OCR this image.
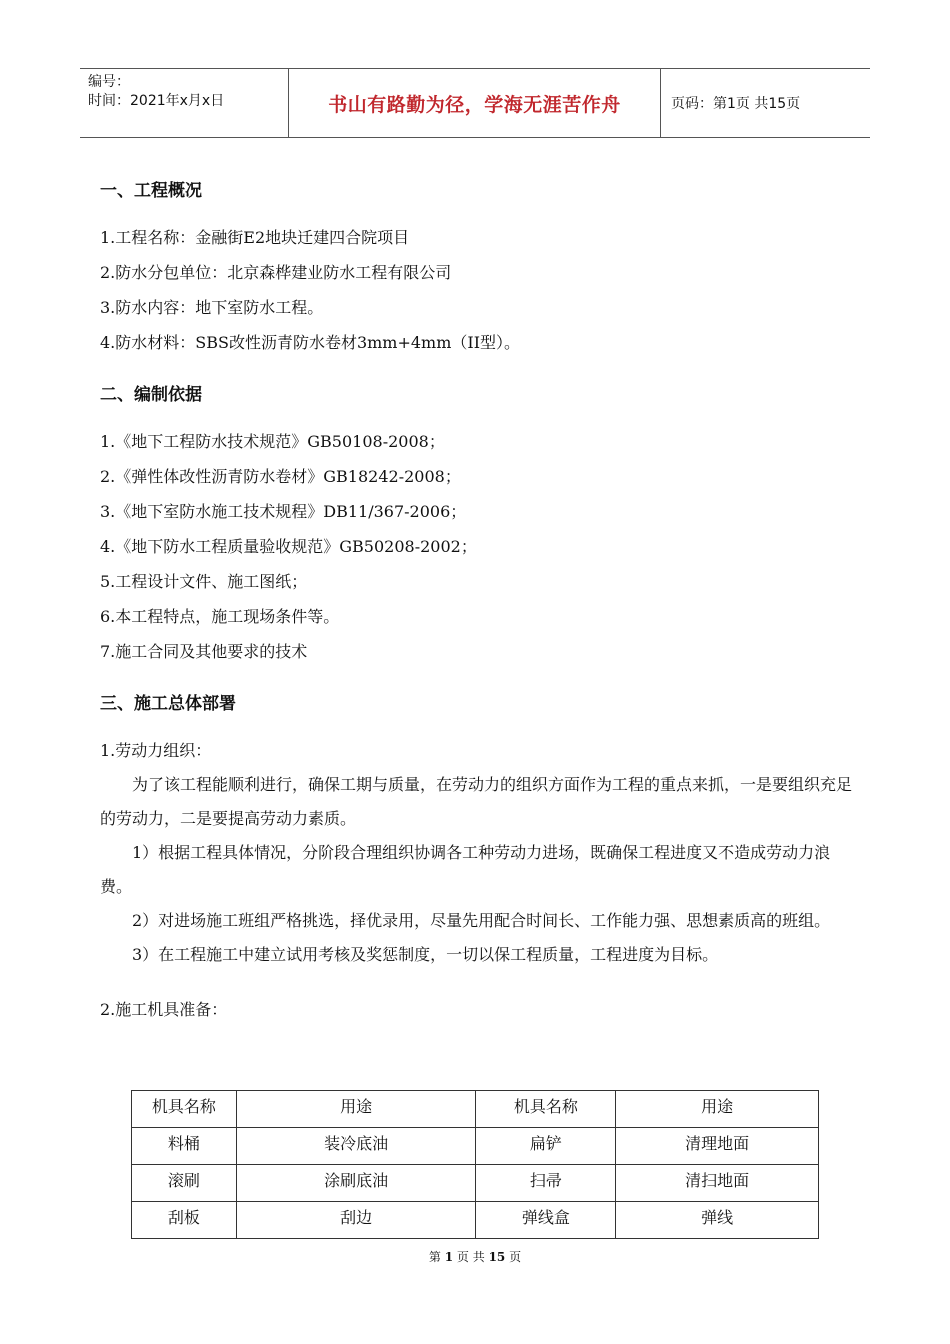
编号：
时间：2021年x月x日	书山有路勤为径，学海无涯苦作舟	页码：第1页 共15页

一、工程概况

1.工程名称：金融街E2地块迁建四合院项目

2.防水分包单位：北京森桦建业防水工程有限公司

3.防水内容：地下室防水工程。

4.防水材料：SBS改性沥青防水卷材3mm+4mm（II型）。

二、编制依据

1.《地下工程防水技术规范》GB50108-2008；

2.《弹性体改性沥青防水卷材》GB18242-2008；

3.《地下室防水施工技术规程》DB11/367-2006；

4.《地下防水工程质量验收规范》GB50208-2002；

5.工程设计文件、施工图纸；

6.本工程特点，施工现场条件等。

7.施工合同及其他要求的技术

三、施工总体部署

1.劳动力组织：

为了该工程能顺利进行，确保工期与质量，在劳动力的组织方面作为工程的重点来抓，一是要组织充足的劳动力，二是要提高劳动力素质。

1）根据工程具体情况，分阶段合理组织协调各工种劳动力进场，既确保工程进度又不造成劳动力浪费。

2）对进场施工班组严格挑选，择优录用，尽量先用配合时间长、工作能力强、思想素质高的班组。

3）在工程施工中建立试用考核及奖惩制度，一切以保工程质量，工程进度为目标。

2.施工机具准备：

机具名称	用途	机具名称	用途
料桶	装冷底油	扁铲	清理地面
滚刷	涂刷底油	扫帚	清扫地面
刮板	刮边	弹线盒	弹线
第 1 页 共 15 页
